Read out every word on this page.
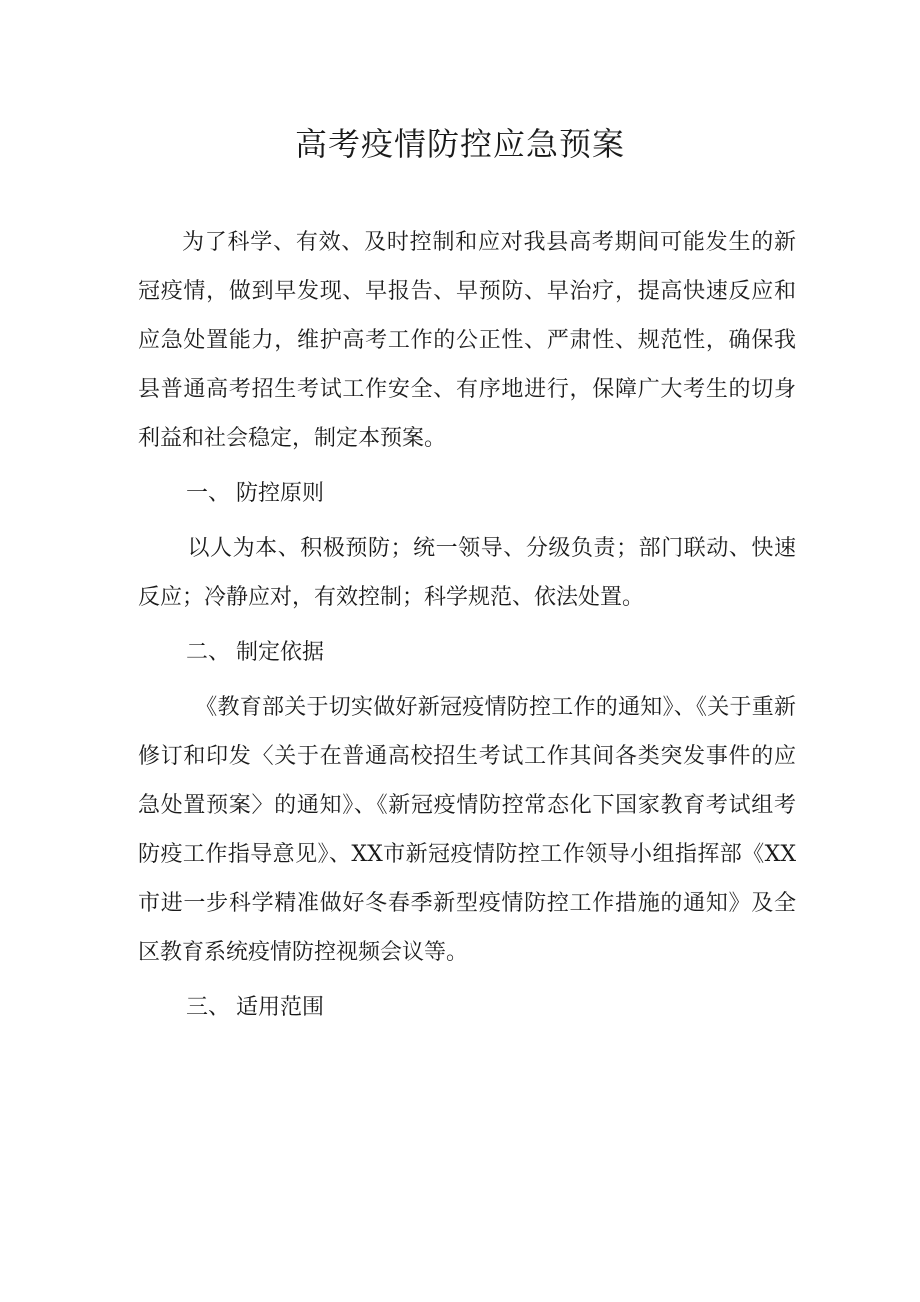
高考疫情防控应急预案

为了科学、有效、及时控制和应对我县高考期间可能发生的新冠疫情，做到早发现、早报告、早预防、早治疗，提高快速反应和应急处置能力，维护高考工作的公正性、严肃性、规范性，确保我县普通高考招生考试工作安全、有序地进行，保障广大考生的切身利益和社会稳定，制定本预案。

一、 防控原则

以人为本、积极预防；统一领导、分级负责；部门联动、快速反应；冷静应对，有效控制；科学规范、依法处置。

二、 制定依据

《教育部关于切实做好新冠疫情防控工作的通知》、《关于重新修订和印发〈关于在普通高校招生考试工作其间各类突发事件的应急处置预案〉的通知》、《新冠疫情防控常态化下国家教育考试组考防疫工作指导意见》、XX市新冠疫情防控工作领导小组指挥部《XX市进一步科学精准做好冬春季新型疫情防控工作措施的通知》及全区教育系统疫情防控视频会议等。

三、 适用范围
